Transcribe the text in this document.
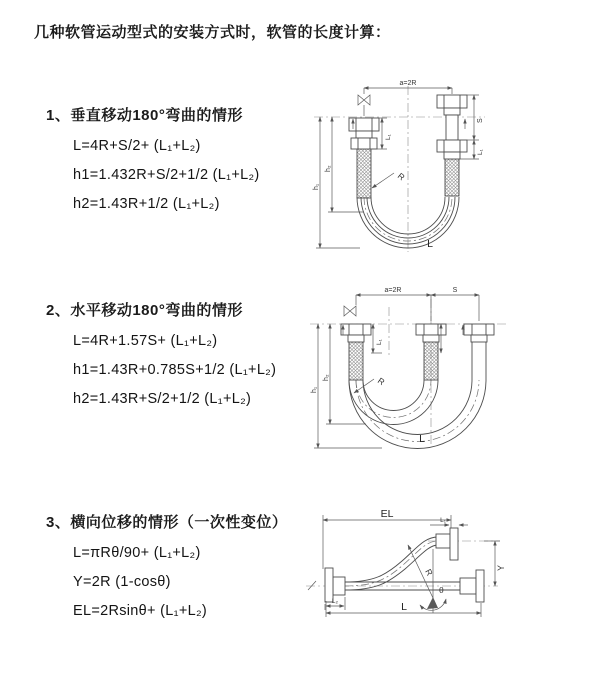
几种软管运动型式的安装方式时，软管的长度计算：
1、垂直移动180°弯曲的情形
L=4R+S/2+ (L₁+L₂)
h1=1.432R+S/2+1/2 (L₁+L₂)
h2=1.43R+1/2 (L₁+L₂)
2、水平移动180°弯曲的情形
L=4R+1.57S+ (L₁+L₂)
h1=1.43R+0.785S+1/2 (L₁+L₂)
h2=1.43R+S/2+1/2 (L₁+L₂)
3、横向位移的情形（一次性变位）
L=πRθ/90+ (L₁+L₂)
Y=2R (1-cosθ)
EL=2Rsinθ+ (L₁+L₂)
a=2R
S
L₁
L₁
h₁
h₂
R
L
a=2R	S
L₁
h₁
h₂	R
L
EL
L₁
L₂	L
Y
R
θ
